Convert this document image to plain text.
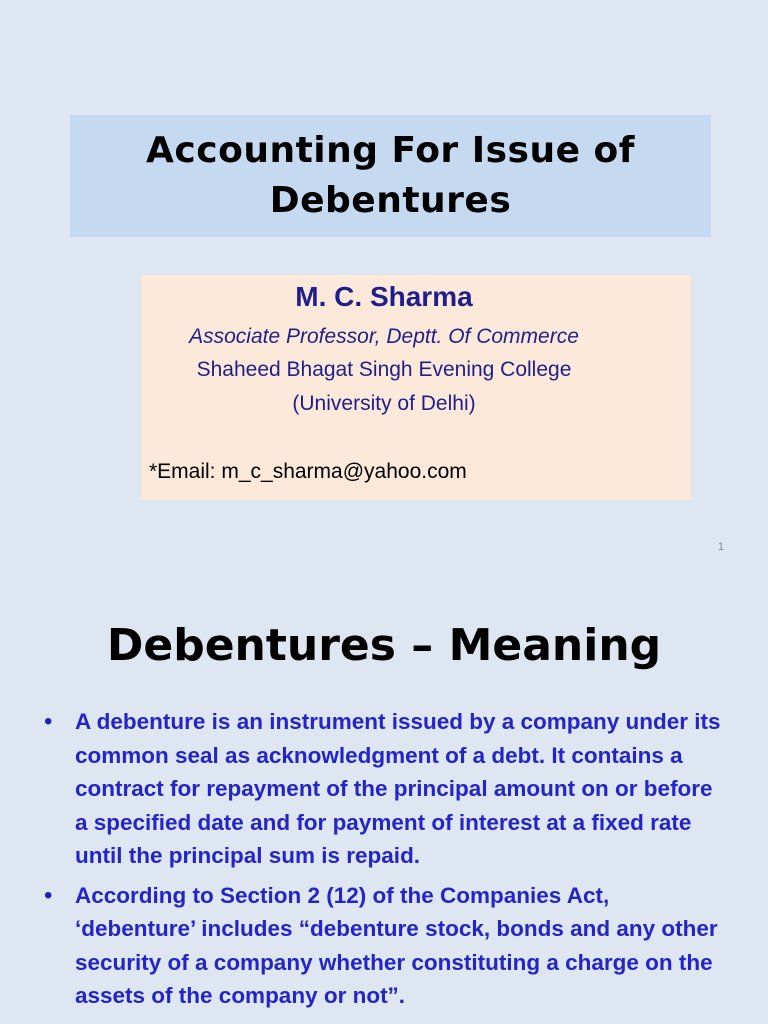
Accounting For Issue of
Debentures
M. C. Sharma
Associate Professor, Deptt. Of Commerce
Shaheed Bhagat Singh Evening College
(University of Delhi)
*Email: m_c_sharma@yahoo.com
1
Debentures – Meaning
• A debenture is an instrument issued by a company under its common seal as acknowledgment of a debt. It contains a contract for repayment of the principal amount on or before a specified date and for payment of interest at a fixed rate until the principal sum is repaid.
• According to Section 2 (12) of the Companies Act, ‘debenture’ includes “debenture stock, bonds and any other security of a company whether constituting a charge on the assets of the company or not”.
